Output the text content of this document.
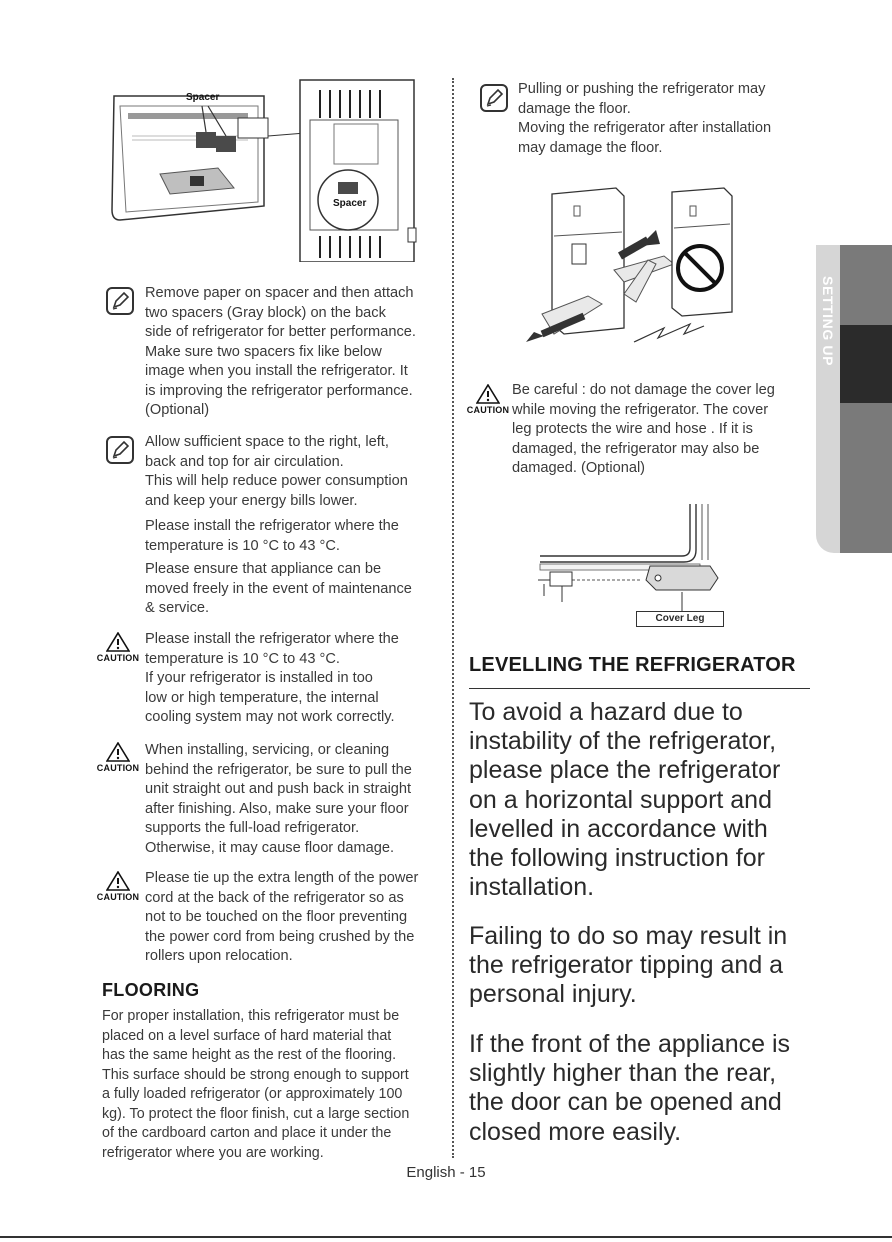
SETTING UP
Spacer
Spacer
Remove paper on spacer and then attach
two spacers (Gray block) on the back
side of refrigerator for better performance.
Make sure two spacers fix like below
image when you install the refrigerator. It
is improving the refrigerator performance.
(Optional)
Allow sufficient space to the right, left,
back and top for air circulation.
This will help reduce power consumption
and keep your energy bills lower.
Please install the refrigerator where the
temperature is 10 °C to 43 °C.
Please ensure that appliance can be
moved freely in the event of maintenance
& service.
CAUTION
Please install the refrigerator where the
temperature is 10 °C to 43 °C.
If your refrigerator is installed in too
low or high temperature, the internal
cooling system may not work correctly.
CAUTION
When installing, servicing, or cleaning
behind the refrigerator, be sure to pull the
unit straight out and push back in straight
after finishing. Also, make sure your floor
supports the full-load refrigerator.
Otherwise, it may cause floor damage.
CAUTION
Please tie up the extra length of the power
cord at the back of the refrigerator so as
not to be touched on the floor preventing
the power cord from being crushed by the
rollers upon relocation.
FLOORING
For proper installation, this refrigerator must be
placed on a level surface of hard material that
has the same height as the rest of the flooring.
This surface should be strong enough to support
a fully loaded refrigerator (or approximately 100
kg). To protect the floor finish, cut a large section
of the cardboard carton and place it under the
refrigerator where you are working.
Pulling or pushing the refrigerator may
damage the floor.
Moving the refrigerator after installation
may damage the floor.
CAUTION
Be careful : do not damage the cover leg
while moving the refrigerator. The cover
leg protects the wire and hose . If it is
damaged, the refrigerator may also be
damaged. (Optional)
Cover Leg
LEVELLING THE REFRIGERATOR
To avoid a hazard due to
instability of the refrigerator,
please place the refrigerator
on a horizontal support and
levelled in accordance with
the following instruction for
installation.
Failing to do so may result in
the refrigerator tipping and a
personal injury.
If the front of the appliance is
slightly higher than the rear,
the door can be opened and
closed more easily.
English - 15
